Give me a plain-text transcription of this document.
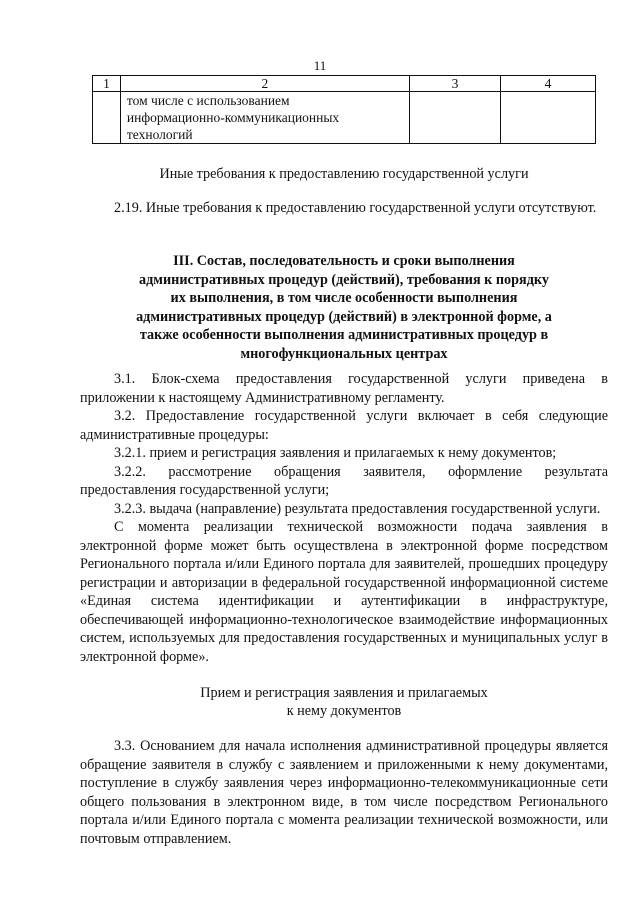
11
1	2	3	4

	том числе с использованием
информационно-коммуникационных
технологий		

Иные требования к предоставлению государственной услуги

2.19. Иные требования к предоставлению государственной услуги отсутствуют.

III. Состав, последовательность и сроки выполнения
административных процедур (действий), требования к порядку
их выполнения, в том числе особенности выполнения
административных процедур (действий) в электронной форме, а
также особенности выполнения административных процедур в
многофункциональных центрах

3.1. Блок-схема предоставления государственной услуги приведена в приложении к настоящему Административному регламенту.

3.2. Предоставление государственной услуги включает в себя следующие административные процедуры:

3.2.1. прием и регистрация заявления и прилагаемых к нему документов;

3.2.2. рассмотрение обращения заявителя, оформление результата предоставления государственной услуги;

3.2.3. выдача (направление) результата предоставления государственной услуги.

С момента реализации технической возможности подача заявления в электронной форме может быть осуществлена в электронной форме посредством Регионального портала и/или Единого портала для заявителей, прошедших процедуру регистрации и авторизации в федеральной государственной информационной системе «Единая система идентификации и аутентификации в инфраструктуре, обеспечивающей информационно-технологическое взаимодействие информационных систем, используемых для предоставления государственных и муниципальных услуг в электронной форме».

Прием и регистрация заявления и прилагаемых
к нему документов

3.3. Основанием для начала исполнения административной процедуры является обращение заявителя в службу с заявлением и приложенными к нему документами, поступление в службу заявления через информационно-телекоммуникационные сети общего пользования в электронном виде, в том числе посредством Регионального портала и/или Единого портала с момента реализации технической возможности, или почтовым отправлением.
